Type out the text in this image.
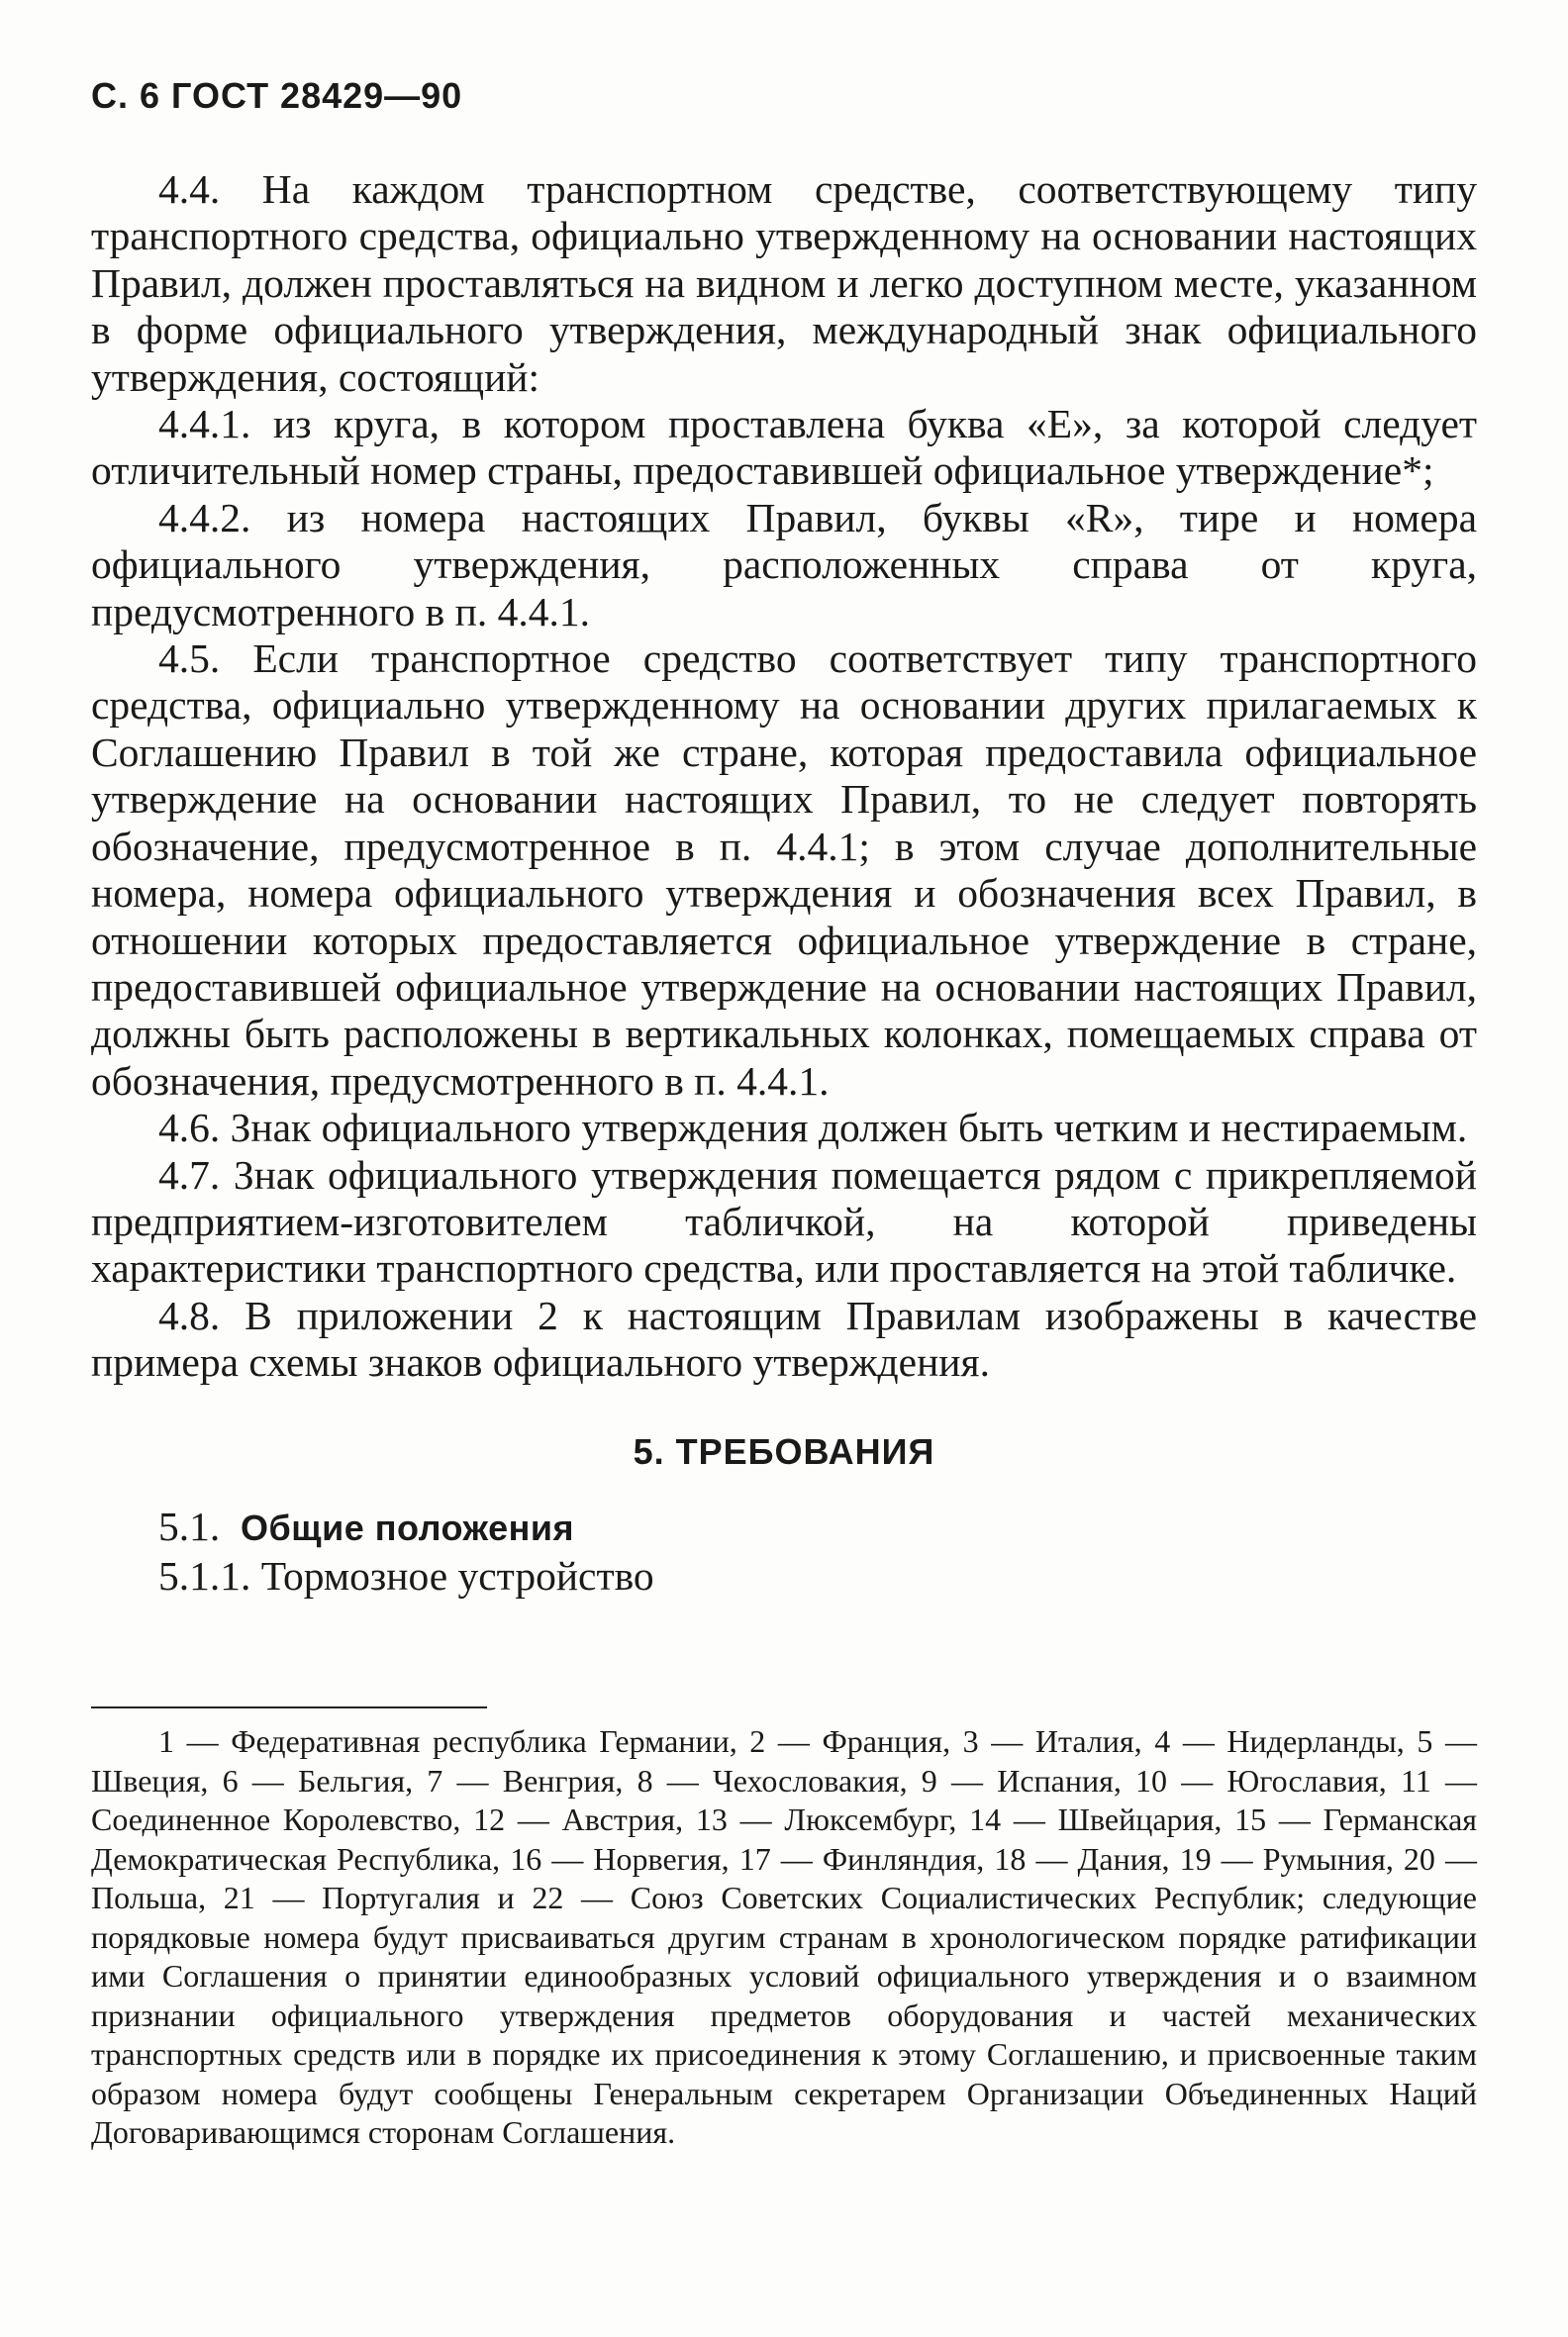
С. 6 ГОСТ 28429—90

4.4. На каждом транспортном средстве, соответствующему типу транспортного средства, официально утвержденному на основании настоящих Правил, должен проставляться на видном и легко доступном месте, указанном в форме официального утверждения, международный знак официального утверждения, состоящий:

4.4.1. из круга, в котором проставлена буква «Е», за которой следует отличительный номер страны, предоставившей официальное утверждение*;

4.4.2. из номера настоящих Правил, буквы «R», тире и номера официального утверждения, расположенных справа от круга, предусмотренного в п. 4.4.1.

4.5. Если транспортное средство соответствует типу транспортного средства, официально утвержденному на основании других прилагаемых к Соглашению Правил в той же стране, которая предоставила официальное утверждение на основании настоящих Правил, то не следует повторять обозначение, предусмотренное в п. 4.4.1; в этом случае дополнительные номера, номера официального утверждения и обозначения всех Правил, в отношении которых предоставляется официальное утверждение в стране, предоставившей официальное утверждение на основании настоящих Правил, должны быть расположены в вертикальных колонках, помещаемых справа от обозначения, предусмотренного в п. 4.4.1.

4.6. Знак официального утверждения должен быть четким и нестираемым.

4.7. Знак официального утверждения помещается рядом с прикрепляемой предприятием-изготовителем табличкой, на которой приведены характеристики транспортного средства, или проставляется на этой табличке.

4.8. В приложении 2 к настоящим Правилам изображены в качестве примера схемы знаков официального утверждения.

5. ТРЕБОВАНИЯ
5.1. Общие положения
5.1.1. Тормозное устройство

1 — Федеративная республика Германии, 2 — Франция, 3 — Италия, 4 — Нидерланды, 5 — Швеция, 6 — Бельгия, 7 — Венгрия, 8 — Чехословакия, 9 — Испания, 10 — Югославия, 11 — Соединенное Королевство, 12 — Австрия, 13 — Люксембург, 14 — Швейцария, 15 — Германская Демократическая Республика, 16 — Норвегия, 17 — Финляндия, 18 — Дания, 19 — Румыния, 20 — Польша, 21 — Португалия и 22 — Союз Советских Социалистических Республик; следующие порядковые номера будут присваиваться другим странам в хронологическом порядке ратификации ими Соглашения о принятии единообразных условий официального утверждения и о взаимном признании официального утверждения предметов оборудования и частей механических транспортных средств или в порядке их присоединения к этому Соглашению, и присвоенные таким образом номера будут сообщены Генеральным секретарем Организации Объединенных Наций Договаривающимся сторонам Соглашения.
